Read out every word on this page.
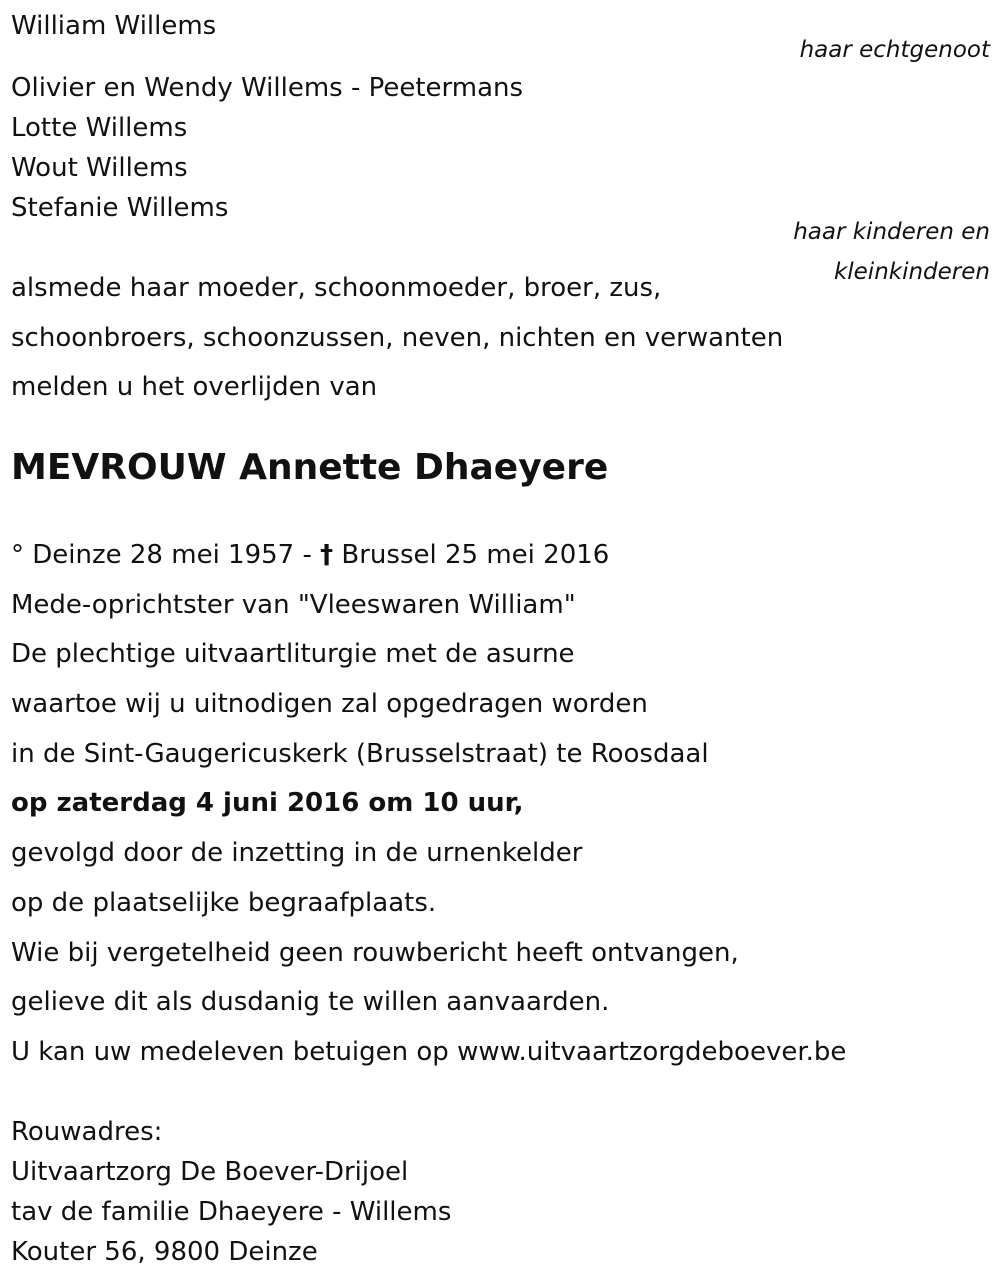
William Willems
haar echtgenoot
Olivier en Wendy Willems - Peetermans
Lotte Willems
Wout Willems
Stefanie Willems
haar kinderen en
kleinkinderen
alsmede haar moeder, schoonmoeder, broer, zus,
schoonbroers, schoonzussen, neven, nichten en verwanten
melden u het overlijden van
MEVROUW Annette Dhaeyere
° Deinze 28 mei 1957 - † Brussel 25 mei 2016
Mede-oprichtster van "Vleeswaren William"
De plechtige uitvaartliturgie met de asurne
waartoe wij u uitnodigen zal opgedragen worden
in de Sint-Gaugericuskerk (Brusselstraat) te Roosdaal
op zaterdag 4 juni 2016 om 10 uur,
gevolgd door de inzetting in de urnenkelder
op de plaatselijke begraafplaats.
Wie bij vergetelheid geen rouwbericht heeft ontvangen,
gelieve dit als dusdanig te willen aanvaarden.
U kan uw medeleven betuigen op www.uitvaartzorgdeboever.be
Rouwadres:
Uitvaartzorg De Boever-Drijoel
tav de familie Dhaeyere - Willems
Kouter 56, 9800 Deinze
